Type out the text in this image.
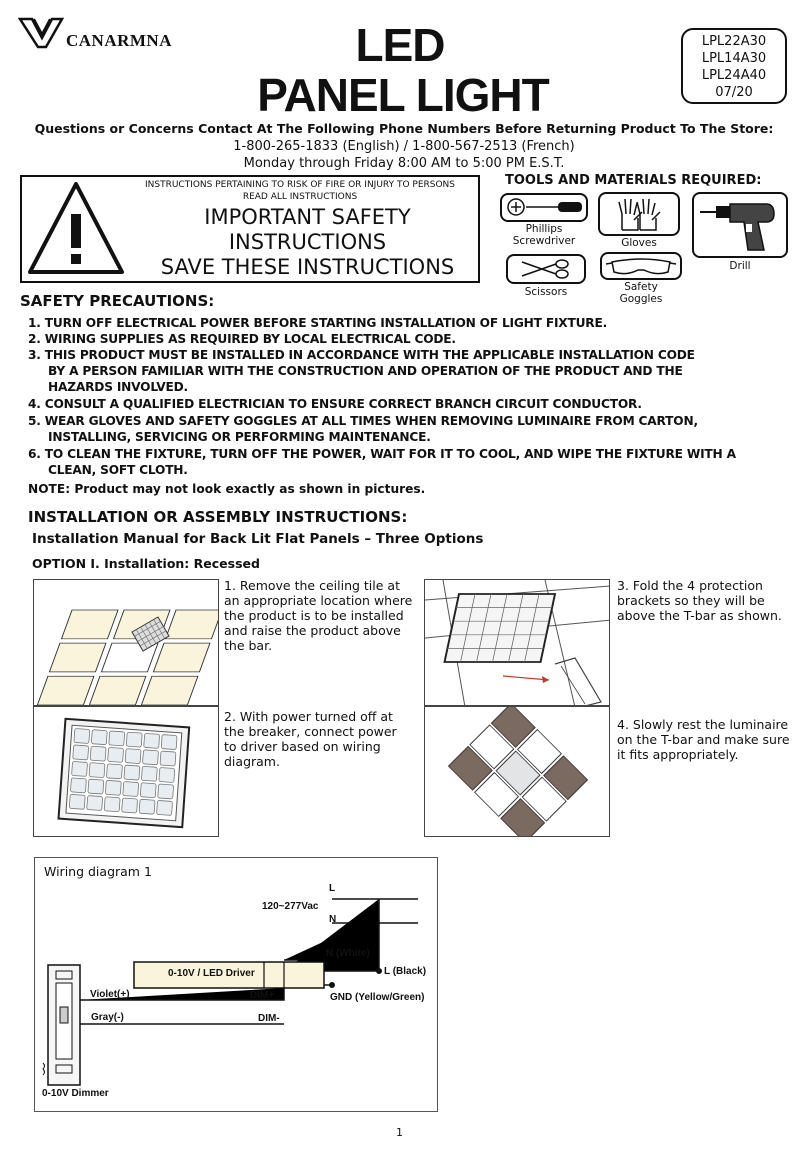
CANARMNA	LED
PANEL LIGHT
LPL22A30
LPL14A30
LPL24A40
07/20
Questions or Concerns Contact At The Following Phone Numbers Before Returning Product To The Store:
1-800-265-1833 (English) / 1-800-567-2513 (French)
Monday through Friday 8:00 AM to 5:00 PM E.S.T.
INSTRUCTIONS PERTAINING TO RISK OF FIRE OR INJURY TO PERSONS
READ ALL INSTRUCTIONS
IMPORTANT SAFETY
INSTRUCTIONS
SAVE THESE INSTRUCTIONS
TOOLS AND MATERIALS REQUIRED:
Phillips
Screwdriver	Gloves
Drill
Scissors	Safety
Goggles
SAFETY PRECAUTIONS:
1. TURN OFF ELECTRICAL POWER BEFORE STARTING INSTALLATION OF LIGHT FIXTURE.
2. WIRING SUPPLIES AS REQUIRED BY LOCAL ELECTRICAL CODE.
3. THIS PRODUCT MUST BE INSTALLED IN ACCORDANCE WITH THE APPLICABLE INSTALLATION CODE
BY A PERSON FAMILIAR WITH THE CONSTRUCTION AND OPERATION OF THE PRODUCT AND THE
HAZARDS INVOLVED.
4. CONSULT A QUALIFIED ELECTRICIAN TO ENSURE CORRECT BRANCH CIRCUIT CONDUCTOR.
5. WEAR GLOVES AND SAFETY GOGGLES AT ALL TIMES WHEN REMOVING LUMINAIRE FROM CARTON,
INSTALLING, SERVICING OR PERFORMING MAINTENANCE.
6. TO CLEAN THE FIXTURE, TURN OFF THE POWER, WAIT FOR IT TO COOL, AND WIPE THE FIXTURE WITH A
CLEAN, SOFT CLOTH.
NOTE: Product may not look exactly as shown in pictures.
INSTALLATION OR ASSEMBLY INSTRUCTIONS:
Installation Manual for Back Lit Flat Panels – Three Options
OPTION I. Installation: Recessed
1. Remove the ceiling tile at
an appropriate location where
the product is to be installed
and raise the product above
the bar.
2. With power turned off at
the breaker, connect power
to driver based on wiring
diagram.
3. Fold the 4 protection
brackets so they will be
above the T-bar as shown.
4. Slowly rest the luminaire
on the T-bar and make sure
it fits appropriately.
Wiring diagram 1
L
N
120~277Vac
N (White)
L (Black)
GND (Yellow/Green)
0-10V / LED Driver
DIM+
DIM-
Violet(+)
Gray(-)
0-10V Dimmer
1
